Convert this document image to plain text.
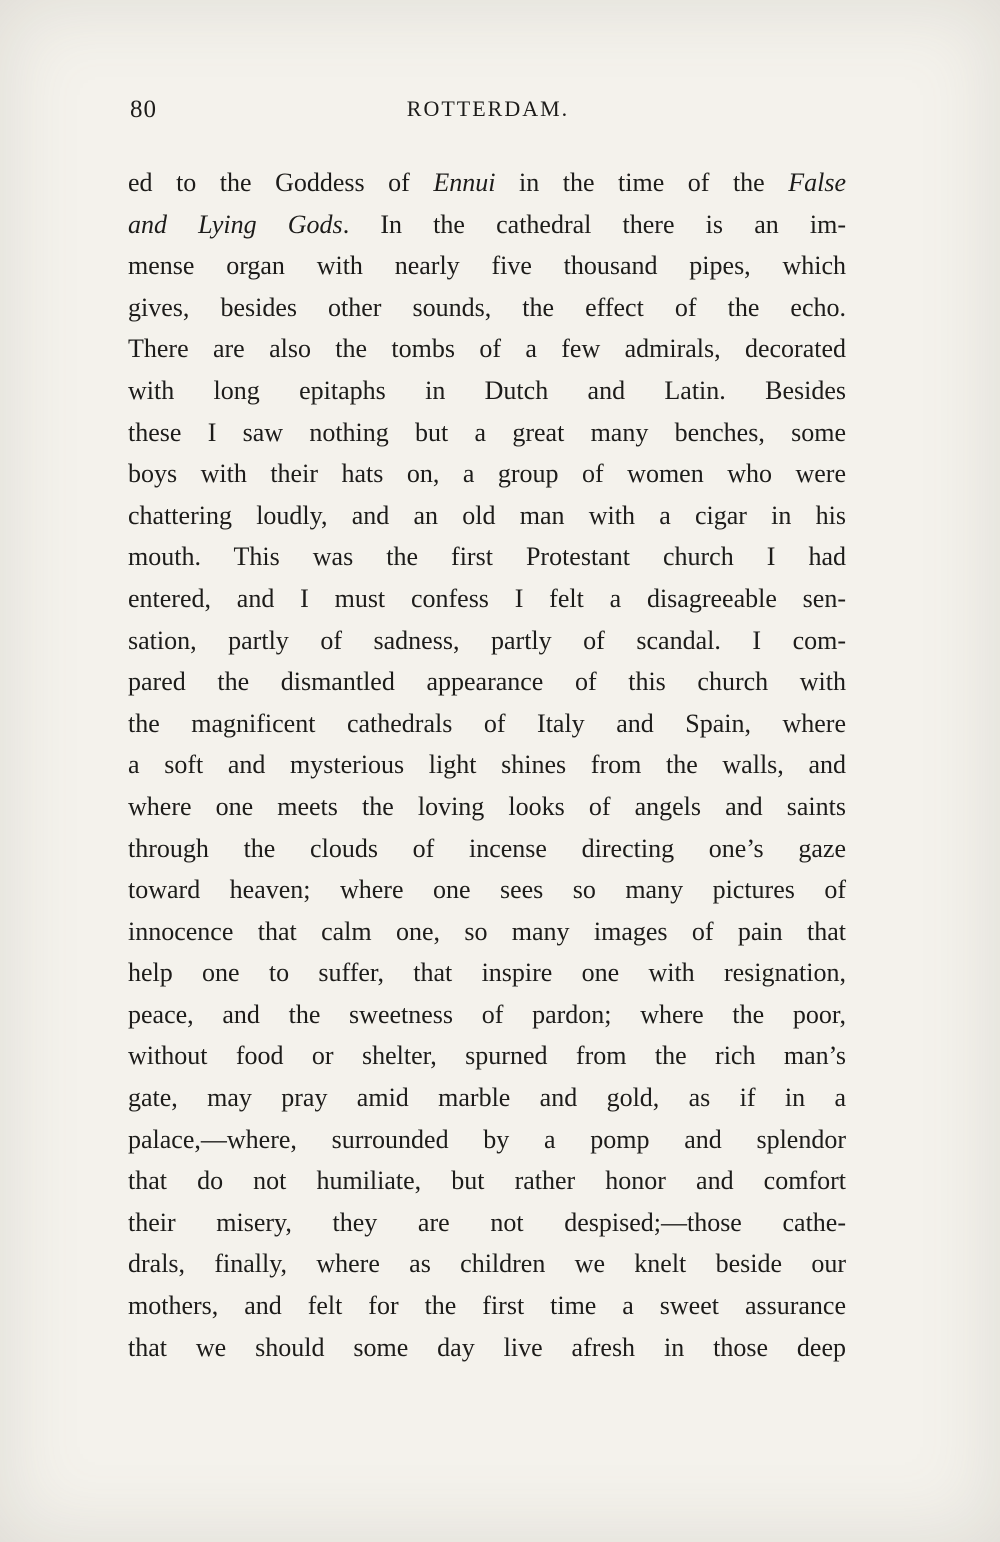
80	ROTTERDAM.
ed to the Goddess of Ennui in the time of the False
and Lying Gods. In the cathedral there is an im-
mense organ with nearly five thousand pipes, which
gives, besides other sounds, the effect of the echo.
There are also the tombs of a few admirals, decorated
with long epitaphs in Dutch and Latin. Besides
these I saw nothing but a great many benches, some
boys with their hats on, a group of women who were
chattering loudly, and an old man with a cigar in his
mouth. This was the first Protestant church I had
entered, and I must confess I felt a disagreeable sen-
sation, partly of sadness, partly of scandal. I com-
pared the dismantled appearance of this church with
the magnificent cathedrals of Italy and Spain, where
a soft and mysterious light shines from the walls, and
where one meets the loving looks of angels and saints
through the clouds of incense directing one’s gaze
toward heaven; where one sees so many pictures of
innocence that calm one, so many images of pain that
help one to suffer, that inspire one with resignation,
peace, and the sweetness of pardon; where the poor,
without food or shelter, spurned from the rich man’s
gate, may pray amid marble and gold, as if in a
palace,—where, surrounded by a pomp and splendor
that do not humiliate, but rather honor and comfort
their misery, they are not despised;—those cathe-
drals, finally, where as children we knelt beside our
mothers, and felt for the first time a sweet assurance
that we should some day live afresh in those deep
